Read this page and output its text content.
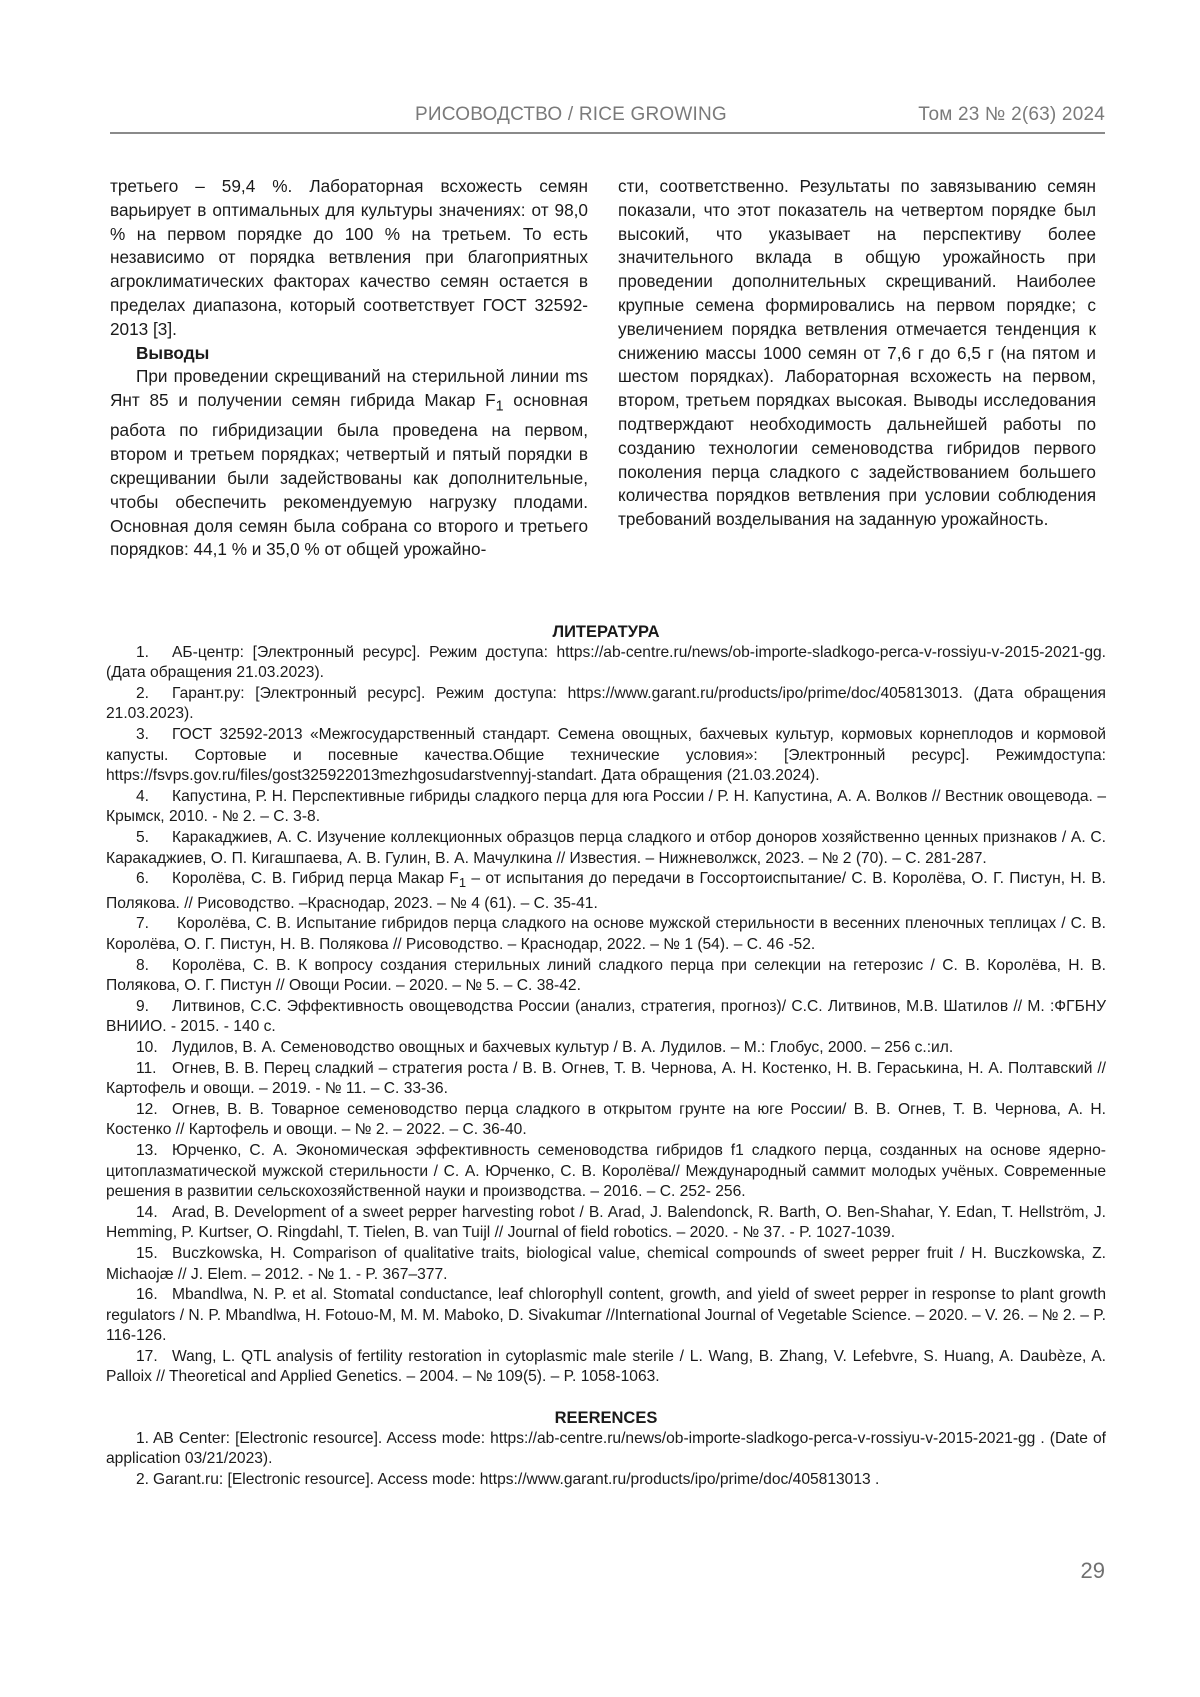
РИСОВОДСТВО / RICE GROWING	Том 23 № 2(63) 2024

третьего – 59,4 %. Лабораторная всхожесть семян варьирует в оптимальных для культуры значениях: от 98,0 % на первом порядке до 100 % на третьем. То есть независимо от порядка ветвления при благоприятных агроклиматических факторах качество семян остается в пределах диапазона, который соответствует ГОСТ 32592-2013 [3].

Выводы

При проведении скрещиваний на стерильной линии ms Янт 85 и получении семян гибрида Макар $F_1$ основная работа по гибридизации была проведена на первом, втором и третьем порядках; четвертый и пятый порядки в скрещивании были задействованы как дополнительные, чтобы обеспечить рекомендуемую нагрузку плодами. Основная доля семян была собрана со второго и третьего порядков: 44,1 % и 35,0 % от общей урожайно-

сти, соответственно. Результаты по завязыванию семян показали, что этот показатель на четвертом порядке был высокий, что указывает на перспективу более значительного вклада в общую урожайность при проведении дополнительных скрещиваний. Наиболее крупные семена формировались на первом порядке; с увеличением порядка ветвления отмечается тенденция к снижению массы 1000 семян от 7,6 г до 6,5 г (на пятом и шестом порядках). Лабораторная всхожесть на первом, втором, третьем порядках высокая. Выводы исследования подтверждают необходимость дальнейшей работы по созданию технологии семеноводства гибридов первого поколения перца сладкого с задействованием большего количества порядков ветвления при условии соблюдения требований возделывания на заданную урожайность.

ЛИТЕРАТУРА

1. АБ-центр: [Электронный ресурс]. Режим доступа: https://ab-centre.ru/news/ob-importe-sladkogo-perca-v-rossiyu-v-2015-2021-gg. (Дата обращения 21.03.2023).

2. Гарант.ру: [Электронный ресурс]. Режим доступа: https://www.garant.ru/products/ipo/prime/doc/405813013. (Дата обращения 21.03.2023).

3. ГОСТ 32592-2013 «Межгосударственный стандарт. Семена овощных, бахчевых культур, кормовых корнеплодов и кормовой капусты. Сортовые и посевные качества.Общие технические условия»: [Электронный ресурс]. Режимдоступа: https://fsvps.gov.ru/files/gost325922013mezhgosudarstvennyj-standart. Дата обращения (21.03.2024).

4. Капустина, Р. Н. Перспективные гибриды сладкого перца для юга России / Р. Н. Капустина, А. А. Волков // Вестник овощевода. – Крымск, 2010. - № 2. – С. 3-8.

5. Каракаджиев, А. С. Изучение коллекционных образцов перца сладкого и отбор доноров хозяйственно ценных признаков / А. С. Каракаджиев, О. П. Кигашпаева, А. В. Гулин, В. А. Мачулкина // Известия. – Нижневолжск, 2023. – № 2 (70). – С. 281-287.

6. Королёва, С. В. Гибрид перца Макар $F_1$ – от испытания до передачи в Госсортоиспытание/ С. В. Королёва, О. Г. Пистун, Н. В. Полякова. // Рисоводство. –Краснодар, 2023. – № 4 (61). – С. 35-41.

7. Королёва, С. В. Испытание гибридов перца сладкого на основе мужской стерильности в весенних пленочных теплицах / С. В. Королёва, О. Г. Пистун, Н. В. Полякова // Рисоводство. – Краснодар, 2022. – № 1 (54). – С. 46 -52.

8. Королёва, С. В. К вопросу создания стерильных линий сладкого перца при селекции на гетерозис / С. В. Королёва, Н. В. Полякова, О. Г. Пистун // Овощи Росии. – 2020. – № 5. – С. 38-42.

9. Литвинов, С.С. Эффективность овощеводства России (анализ, стратегия, прогноз)/ С.С. Литвинов, М.В. Шатилов // М. :ФГБНУ ВНИИО. - 2015. - 140 с.

10. Лудилов, В. А. Семеноводство овощных и бахчевых культур / В. А. Лудилов. – М.: Глобус, 2000. – 256 с.:ил.

11. Огнев, В. В. Перец сладкий – стратегия роста / В. В. Огнев, Т. В. Чернова, А. Н. Костенко, Н. В. Гераськина, Н. А. Полтавский // Картофель и овощи. – 2019. - № 11. – С. 33-36.

12. Огнев, В. В. Товарное семеноводство перца сладкого в открытом грунте на юге России/ В. В. Огнев, Т. В. Чернова, А. Н. Костенко // Картофель и овощи. – № 2. – 2022. – С. 36-40.

13. Юрченко, С. А. Экономическая эффективность семеноводства гибридов f1 сладкого перца, созданных на основе ядерно-цитоплазматической мужской стерильности / С. А. Юрченко, С. В. Королёва// Международный саммит молодых учёных. Современные решения в развитии сельскохозяйственной науки и производства. – 2016. – С. 252- 256.

14. Arad, B. Development of a sweet pepper harvesting robot / B. Arad, J. Balendonck, R. Barth, O. Ben-Shahar, Y. Edan, T. Hellström, J. Hemming, P. Kurtser, O. Ringdahl, T. Tielen, B. van Tuijl // Journal of field robotics. – 2020. - № 37. - P. 1027-1039.

15. Buczkowska, H. Comparison of qualitative traits, biological value, chemical compounds of sweet pepper fruit / H. Buczkowska, Z. Michaojæ // J. Elem. – 2012. - № 1. - P. 367–377.

16. Mbandlwa, N. P. et al. Stomatal conductance, leaf chlorophyll content, growth, and yield of sweet pepper in response to plant growth regulators / N. P. Mbandlwa, H. Fotouo-M, M. M. Maboko, D. Sivakumar //International Journal of Vegetable Science. – 2020. – V. 26. – № 2. – P. 116-126.

17. Wang, L. QTL analysis of fertility restoration in cytoplasmic male sterile / L. Wang, B. Zhang, V. Lefebvre, S. Huang, A. Daubèze, A. Palloix // Theoretical and Applied Genetics. – 2004. – № 109(5). – P. 1058-1063.

REERENCES

1. AB Center: [Electronic resource]. Access mode: https://ab-centre.ru/news/ob-importe-sladkogo-perca-v-rossiyu-v-2015-2021-gg . (Date of application 03/21/2023).

2. Garant.ru: [Electronic resource]. Access mode: https://www.garant.ru/products/ipo/prime/doc/405813013 .

29
